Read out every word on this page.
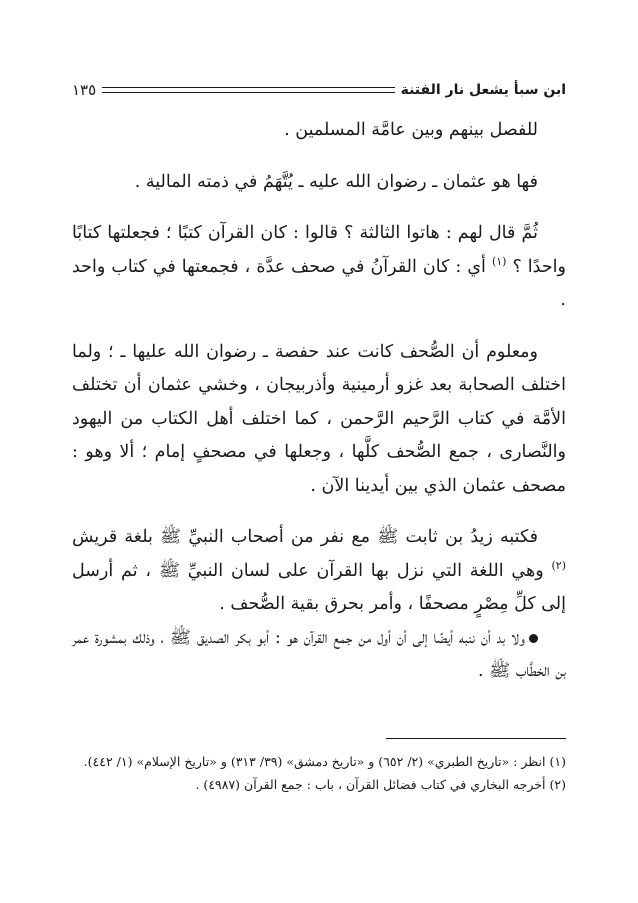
ابن سبأ يشعل نار الفتنة
١٣٥

للفصل بينهم وبين عامَّة المسلمين .

فها هو عثمان ـ رضوان الله عليه ـ يُتَّهَمُ في ذمته المالية .

ثُمَّ قال لهم : هاتوا الثالثة ؟ قالوا : كان القرآن كتبًا ؛ فجعلتها كتابًا واحدًا ؟ $^{(١)}$ أي : كان القرآنُ في صحف عدَّة ، فجمعتها في كتاب واحد .

ومعلوم أن الصُّحف كانت عند حفصة ـ رضوان الله عليها ـ ؛ ولما اختلف الصحابة بعد غزو أرمينية وأذربيجان ، وخشي عثمان أن تختلف الأمَّة في كتاب الرَّحيم الرَّحمن ، كما اختلف أهل الكتاب من اليهود والنَّصارى ، جمع الصُّحف كلَّها ، وجعلها في مصحفٍ إمام ؛ ألا وهو : مصحف عثمان الذي بين أيدينا الآن .

فكتبه زيدُ بن ثابت ﷺ مع نفر من أصحاب النبيِّ ﷺ بلغة قريش $^{(٢)}$ وهي اللغة التي نزل بها القرآن على لسان النبيِّ ﷺ ، ثم أرسل إلى كلِّ مِصْرٍ مصحفًا ، وأمر بحرق بقية الصُّحف .

ولا بد أن ننبه أيضًا إلى أن أول من جمع القرآن هو : أبو بكر الصديق ﷺ ، وذلك بمشورة عمر بن الخطَّاب ﷺ .

(١) انظر : «تاريخ الطبري» (٢/ ٦٥٢) و «تاريخ دمشق» (٣٩/ ٣١٣) و «تاريخ الإسلام» (١/ ٤٤٢).

(٢) أخرجه البخاري في كتاب فضائل القرآن ، باب : جمع القرآن (٤٩٨٧) .
